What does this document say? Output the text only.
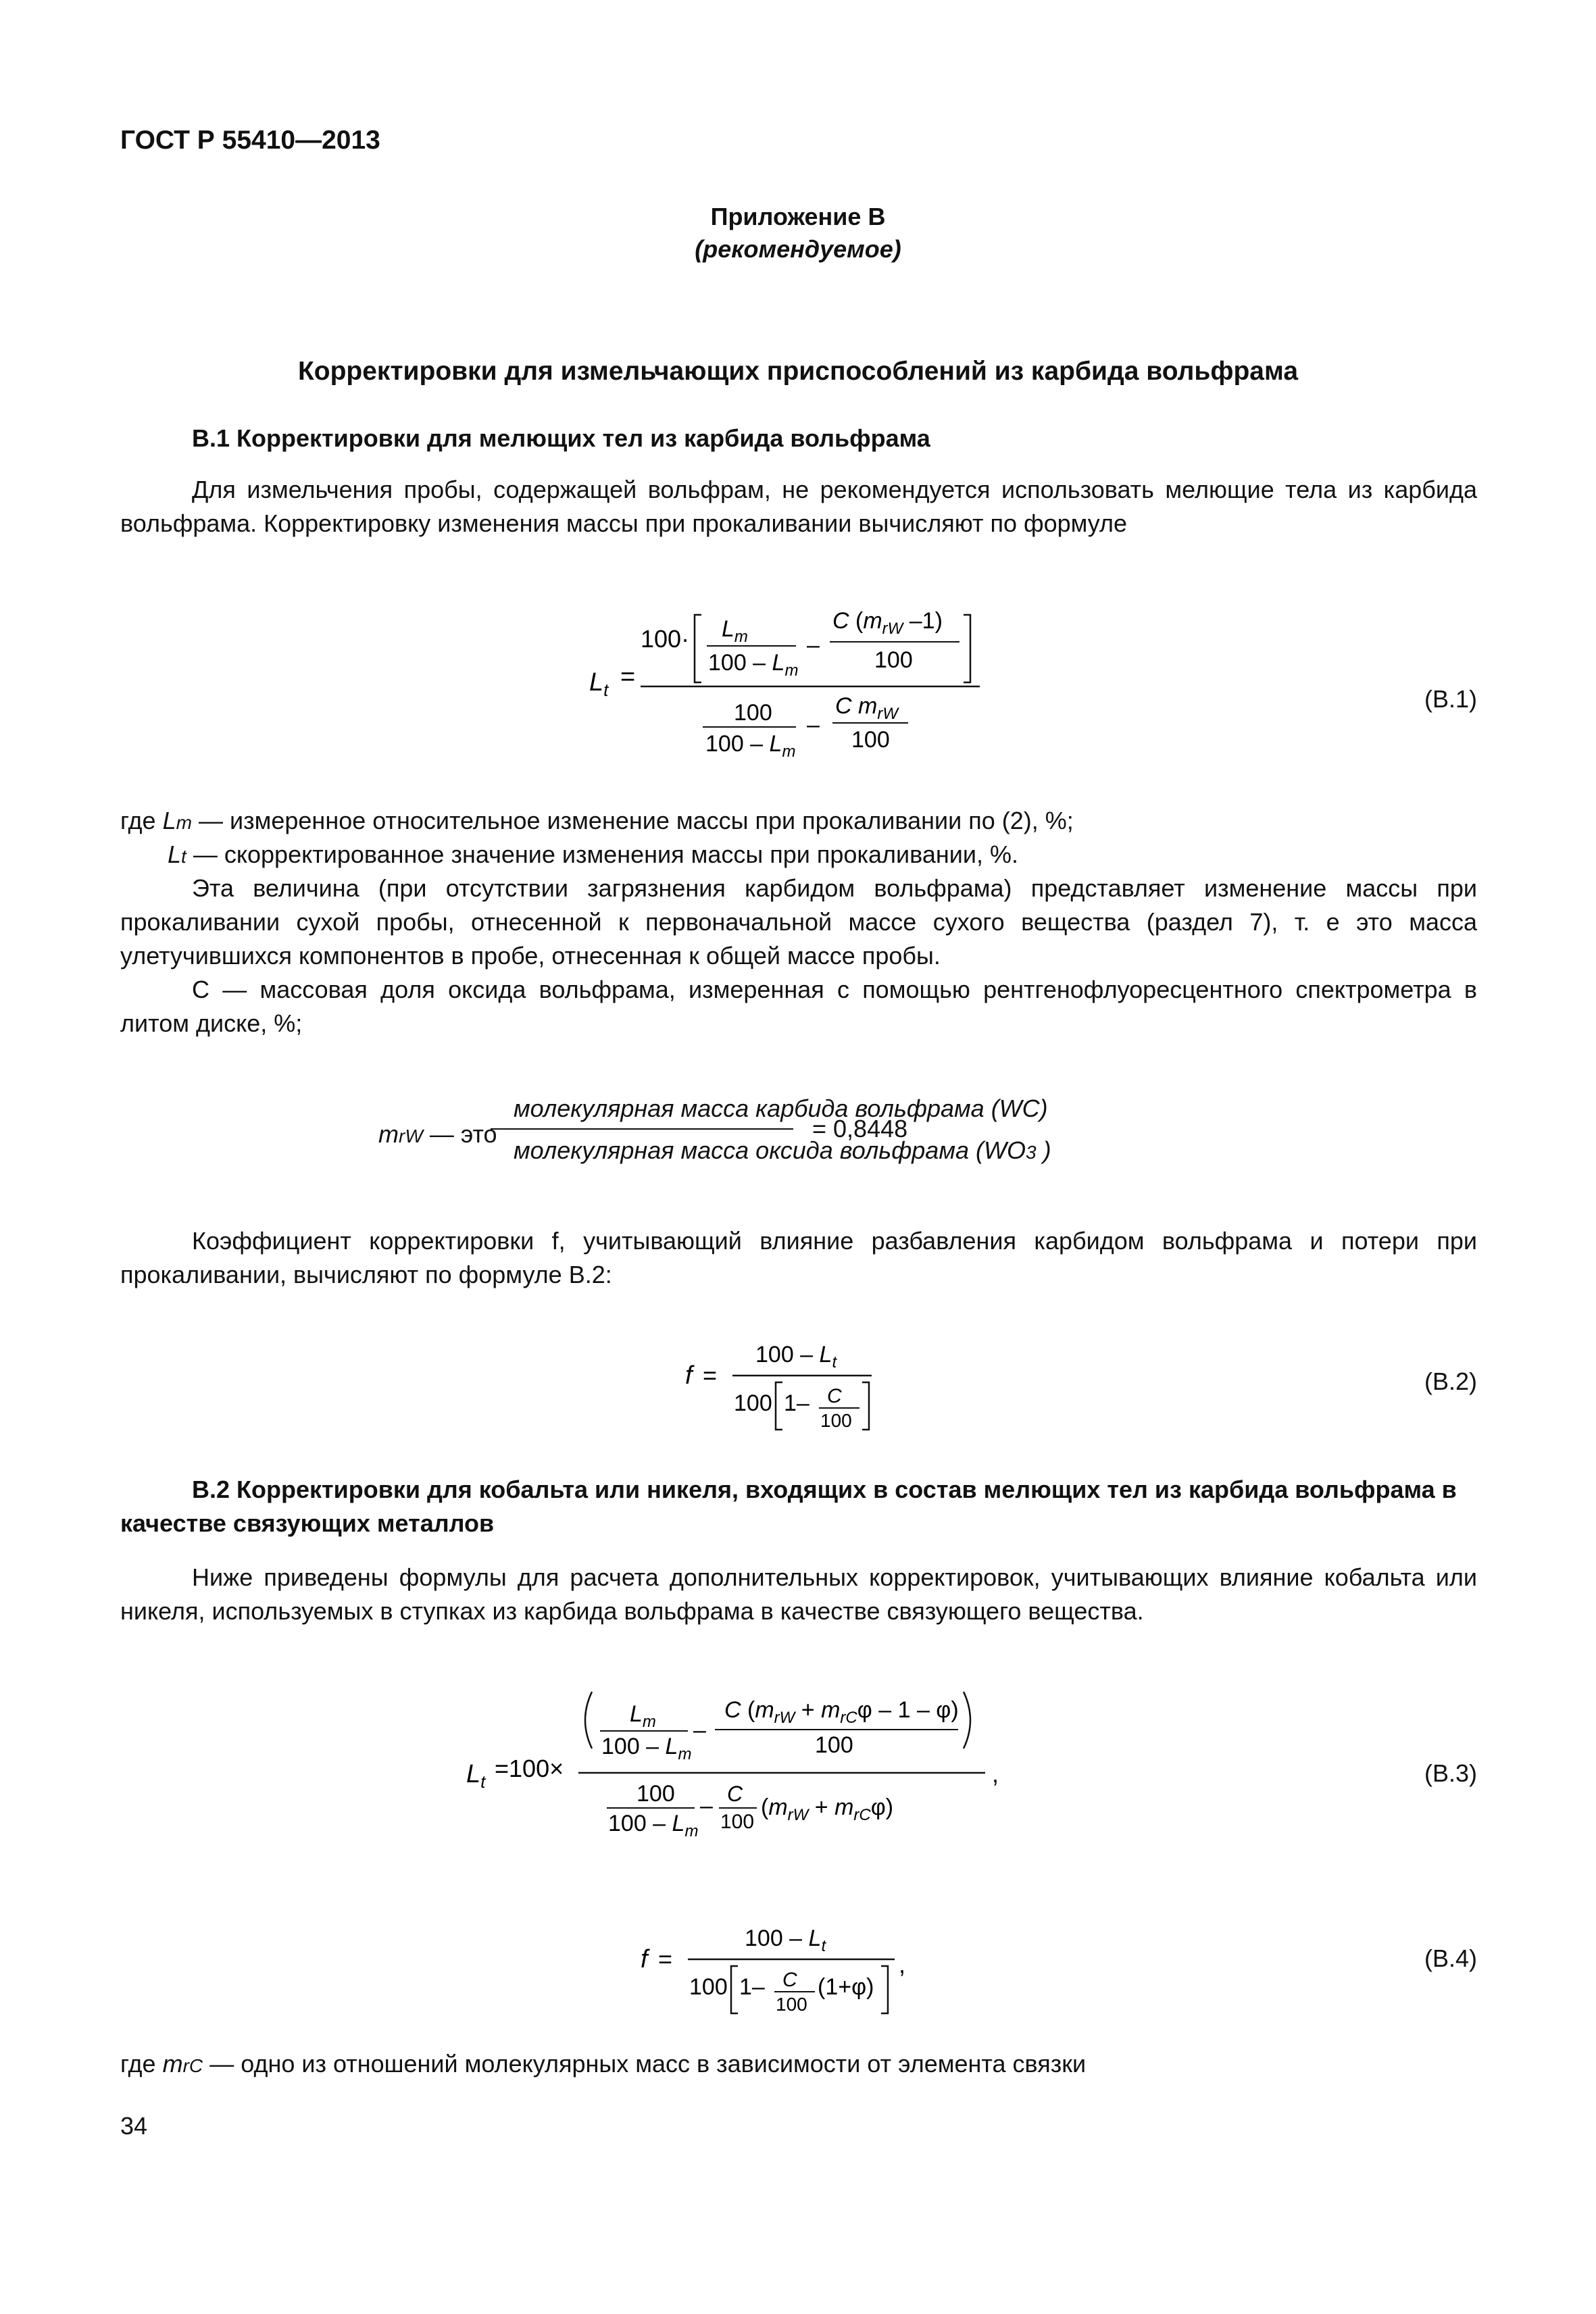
ГОСТ Р 55410—2013
Приложение В
(рекомендуемое)
Корректировки для измельчающих приспособлений из карбида вольфрама
В.1 Корректировки для мелющих тел из карбида вольфрама

Для измельчения пробы, содержащей вольфрам, не рекомендуется использовать мелющие тела из карбида вольфрама. Корректировку изменения массы при прокаливании вычисляют по формуле

$L_t$ =
$100\cdot L_m$
$100 - L_m$
–
C ($m_{rW}$ –1)
100
100
$100 - L_m$
–
C $m_{rW}$
100
(В.1)
где Lm — измеренное относительное изменение массы при прокаливании по (2), %;
Lt — скорректированное значение изменения массы при прокаливании, %.

Эта величина (при отсутствии загрязнения карбидом вольфрама) представляет изменение массы при прокаливании сухой пробы, отнесенной к первоначальной массе сухого вещества (раздел 7), т. е это масса улетучившихся компонентов в пробе, отнесенная к общей массе пробы.

С — массовая доля оксида вольфрама, измеренная с помощью рентгенофлуоресцентного спектрометра в литом диске, %;

mrW — это
молекулярная масса карбида вольфрама (WC)
молекулярная масса оксида вольфрама (WO3 )
= 0,8448

Коэффициент корректировки f, учитывающий влияние разбавления карбидом вольфрама и потери при прокаливании, вычисляют по формуле В.2:

f =
$100 - L_t$
100 1– C
100
(В.2)

В.2 Корректировки для кобальта или никеля, входящих в состав мелющих тел из карбида вольфрама в качестве связующих металлов

Ниже приведены формулы для расчета дополнительных корректировок, учитывающих влияние кобальта или никеля, используемых в ступках из карбида вольфрама в качестве связующего вещества.

$L_t =100\times$
$L_m$
$100 - L_m$
–
C $(m_{rW} + m_{rC}\varphi - 1 - \varphi)$
100
100
$100 - L_m$
– C
100
$(m_{rW} + m_{rC}\varphi)$
,	(В.3)
f =
$100 - L_t$
100 1– C
100
(1+φ)
,	(В.4)
где mrC — одно из отношений молекулярных масс в зависимости от элемента связки
34
